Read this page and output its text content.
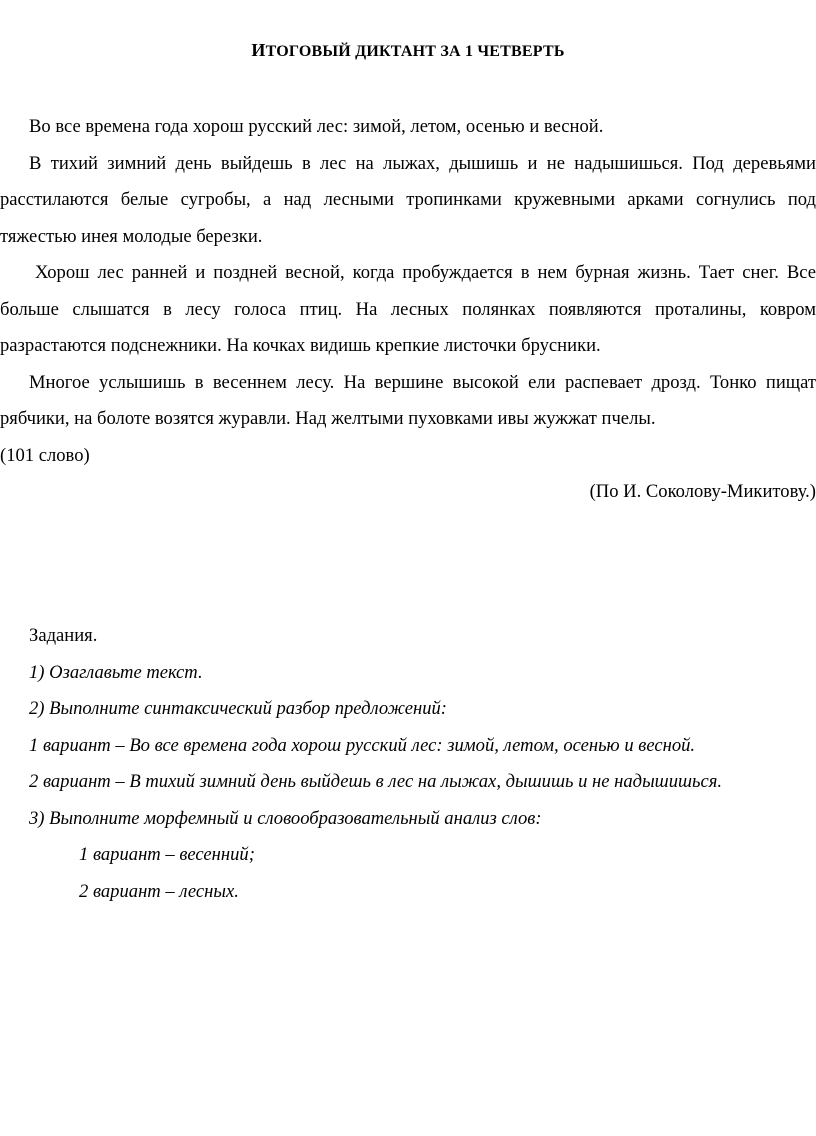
ИТОГОВЫЙ ДИКТАНТ ЗА 1 ЧЕТВЕРТЬ

Во все времена года хорош русский лес: зимой, летом, осенью и весной.

В тихий зимний день выйдешь в лес на лыжах, дышишь и не надышишься. Под деревьями расстилаются белые сугробы, а над лесными тропинками кружевными арками согнулись под тяжестью инея молодые березки.

Хорош лес ранней и поздней весной, когда пробуждается в нем бурная жизнь. Тает снег. Все больше слышатся в лесу голоса птиц. На лесных полянках появляются проталины, ковром разрастаются подснежники. На кочках видишь крепкие листочки брусники.

Многое услышишь в весеннем лесу. На вершине высокой ели распевает дрозд. Тонко пищат рябчики, на болоте возятся журавли. Над желтыми пуховками ивы жужжат пчелы.

(101 слово)

(По И. Соколову-Микитову.)

Задания.

1) Озаглавьте текст.

2) Выполните синтаксический разбор предложений:

1 вариант – Во все времена года хорош русский лес: зимой, летом, осенью и весной.

2 вариант – В тихий зимний день выйдешь в лес на лыжах, дышишь и не надышишься.

3) Выполните морфемный и словообразовательный анализ слов:

1 вариант – весенний;

2 вариант – лесных.
